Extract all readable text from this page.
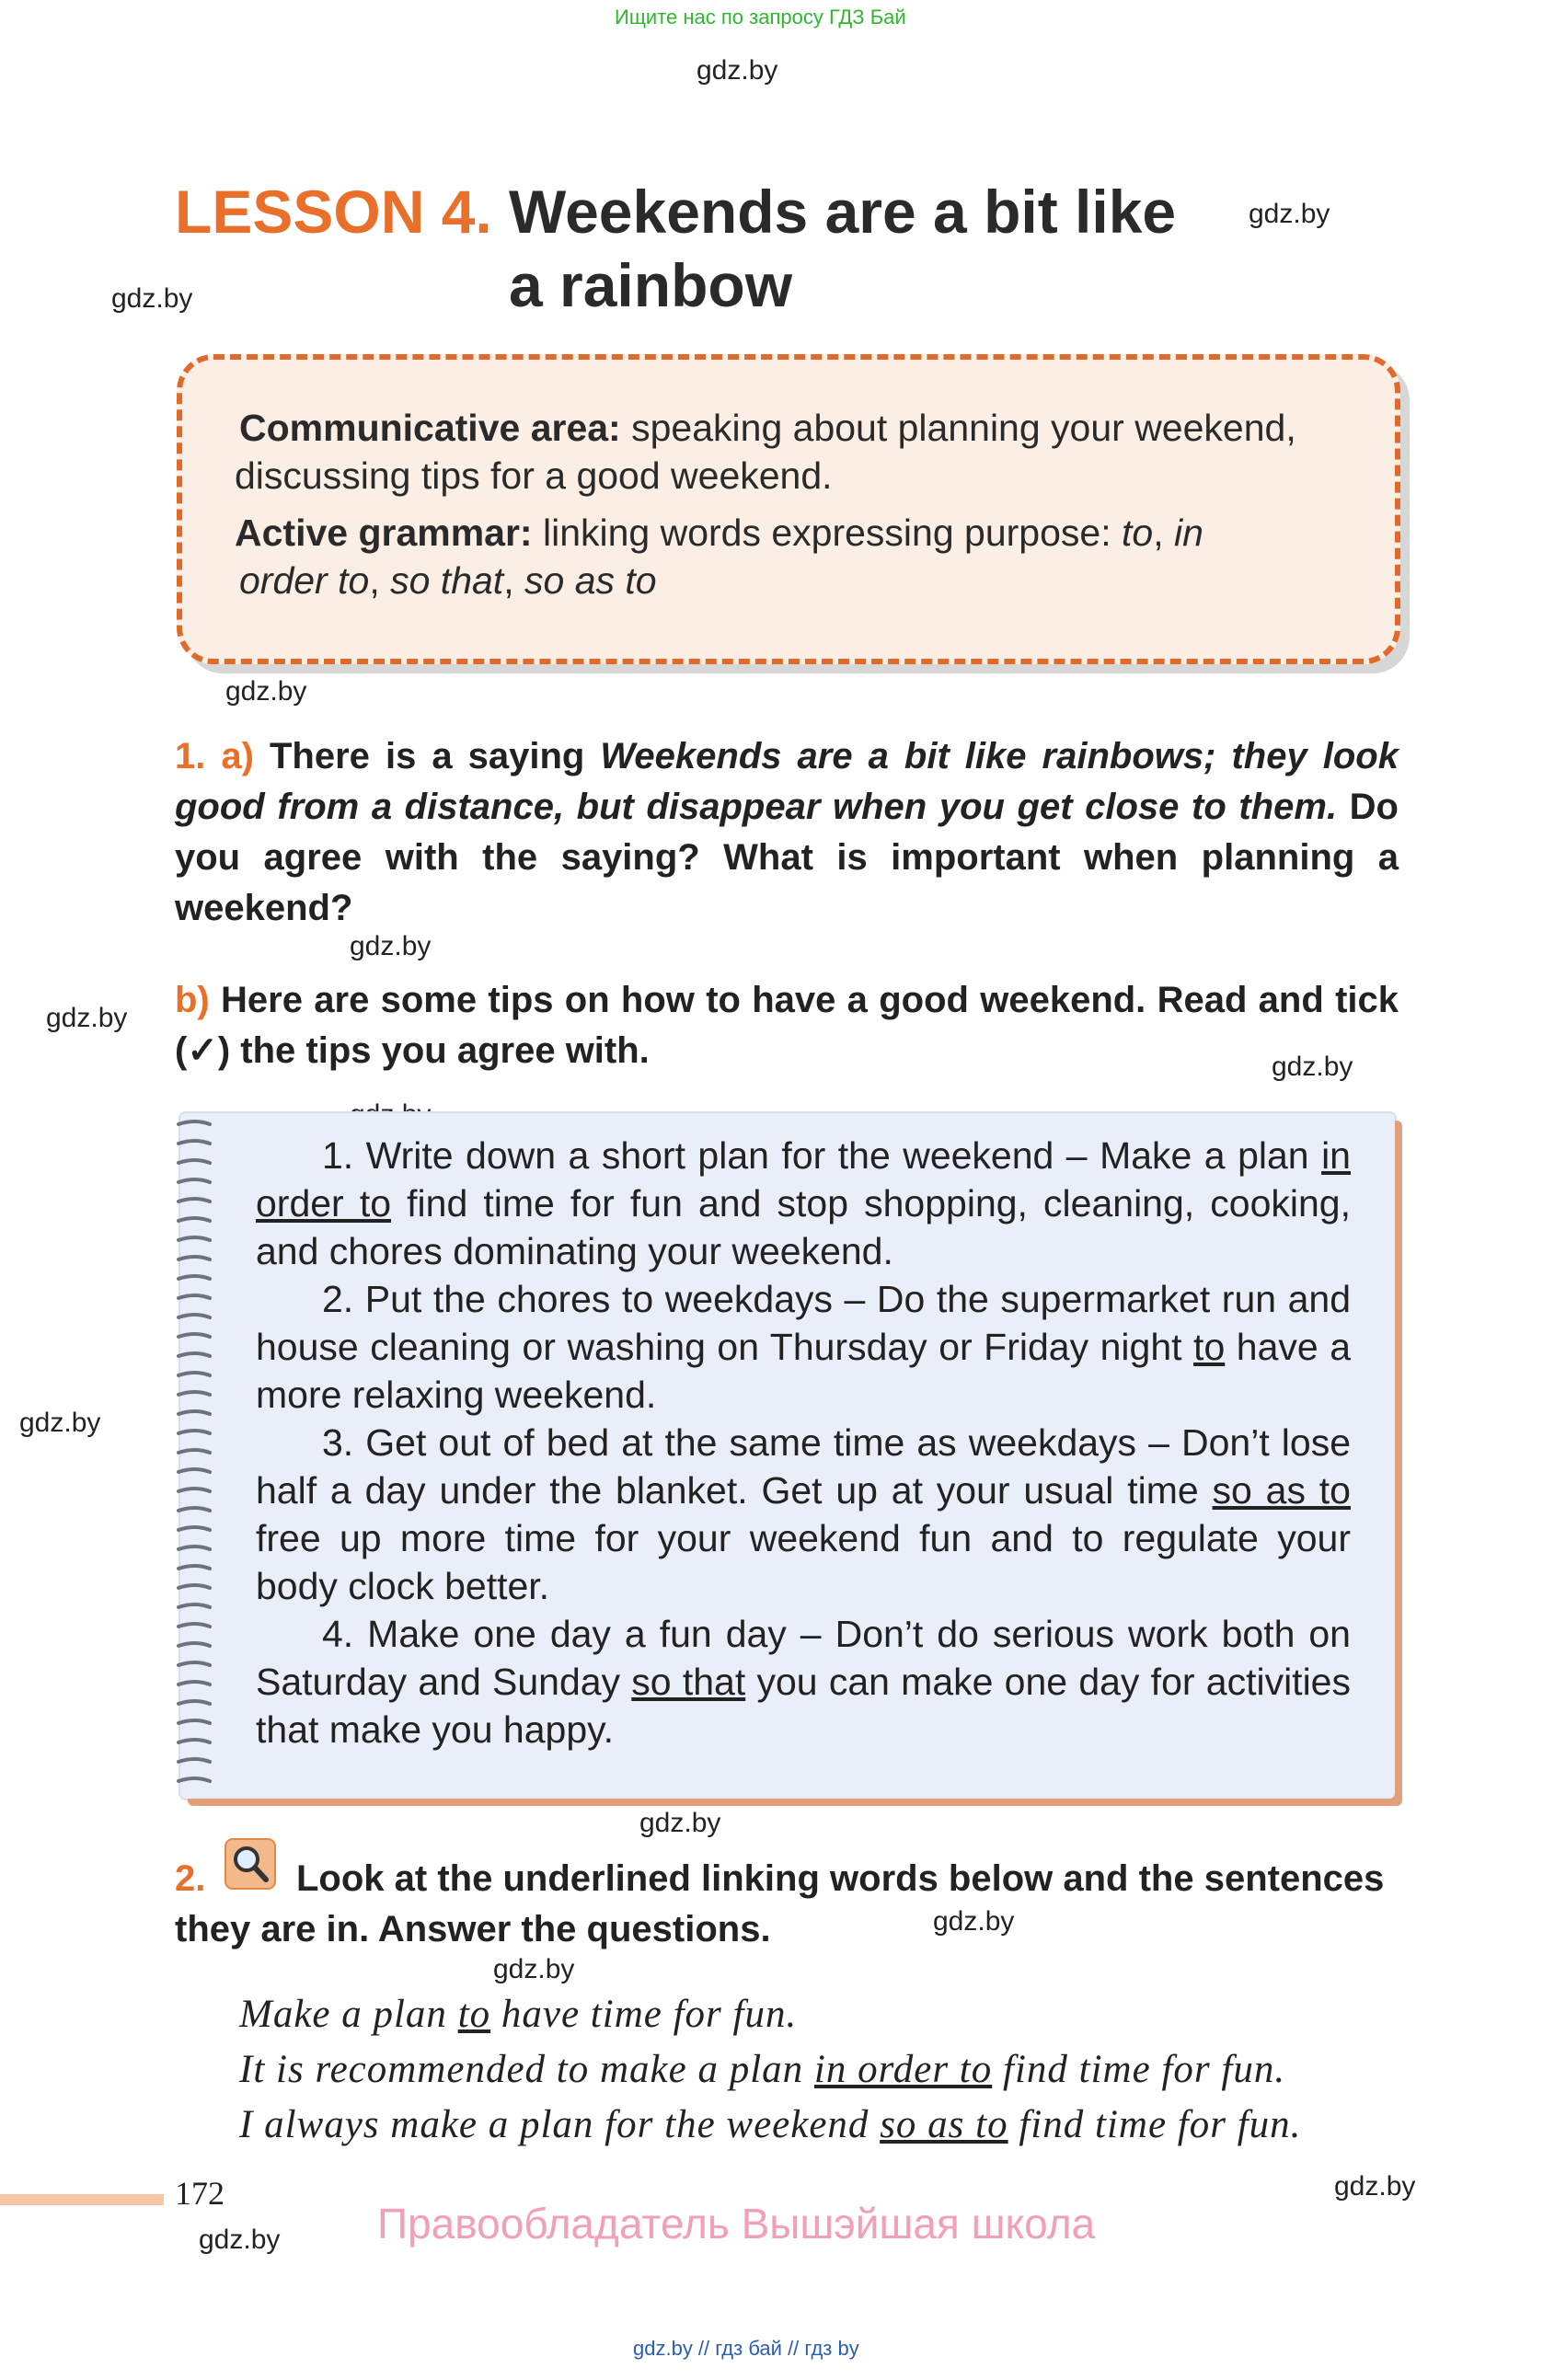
Ищите нас по запросу ГДЗ Бай
gdz.by
gdz.by
gdz.by
gdz.by
gdz.by
gdz.by
gdz.by
gdz.by
gdz.by
gdz.by
gdz.by
gdz.by
gdz.by
LESSON 4. Weekends are a bit like
a rainbow
Communicative area: speaking about planning your weekend,
discussing tips for a good weekend.
Active grammar: linking words expressing purpose: to, in
order to, so that, so as to
1. a) There is a saying Weekends are a bit like rainbows; they look good from a distance, but disappear when you get close to them. Do you agree with the saying? What is important when planning a weekend?
b) Here are some tips on how to have a good weekend. Read and tick (✓) the tips you agree with.

1. Write down a short plan for the weekend – Make a plan in order to find time for fun and stop shopping, cleaning, cooking, and chores dominating your weekend.

2. Put the chores to weekdays – Do the supermarket run and house cleaning or washing on Thursday or Friday night to have a more relaxing weekend.

3. Get out of bed at the same time as weekdays – Don’t lose half a day under the blanket. Get up at your usual time so as to free up more time for your weekend fun and to regulate your body clock better.

4. Make one day a fun day – Don’t do serious work both on Saturday and Sunday so that you can make one day for activities that make you happy.

2.	Look at the underlined linking words below and the sentences
they are in. Answer the questions.
Make a plan to have time for fun.
It is recommended to make a plan in order to find time for fun.
I always make a plan for the weekend so as to find time for fun.
172
Правообладатель Вышэйшая школа
gdz.by // гдз бай // гдз by
